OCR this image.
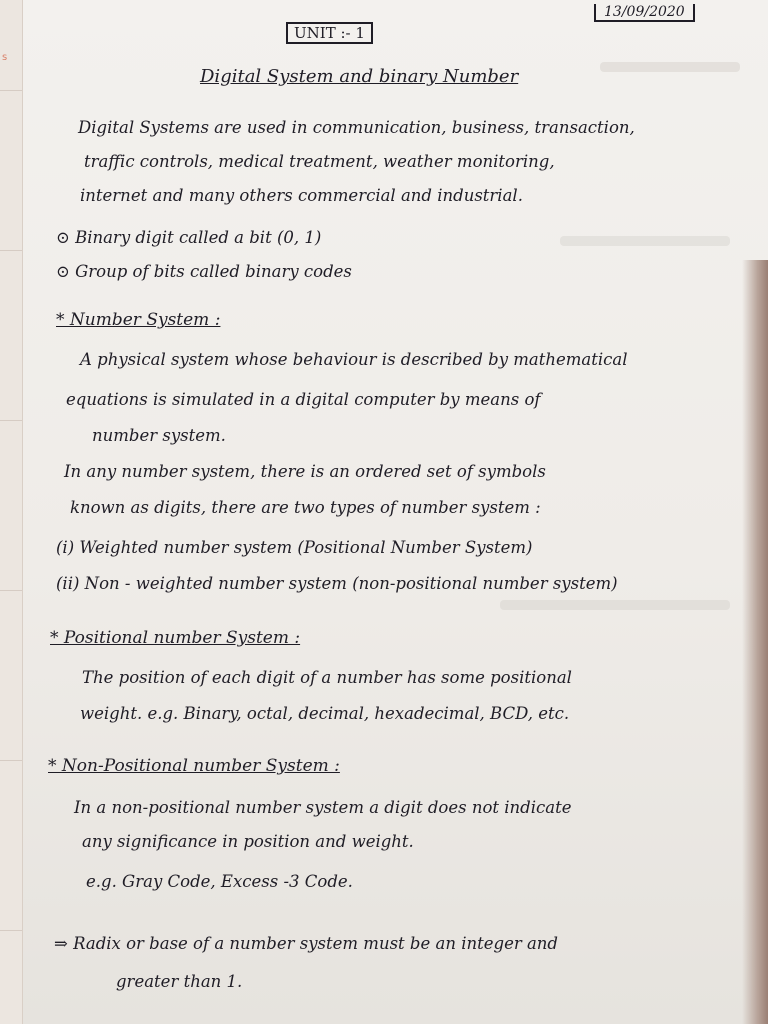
s
13/09/2020
UNIT :- 1
Digital System and binary Number
Digital Systems are used in communication, business, transaction,
traffic controls, medical treatment, weather monitoring,
internet and many others commercial and industrial.
⊙ Binary digit called a bit (0, 1)
⊙ Group of bits called binary codes
* Number System :
A physical system whose behaviour is described by mathematical
equations is simulated in a digital computer by means of
number system.
In any number system, there is an ordered set of symbols
known as digits, there are two types of number system :
(i) Weighted number system (Positional Number System)
(ii) Non - weighted number system (non-positional number system)
* Positional number System :
The position of each digit of a number has some positional
weight. e.g. Binary, octal, decimal, hexadecimal, BCD, etc.
* Non-Positional number System :
In a non-positional number system a digit does not indicate
any significance in position and weight.
e.g. Gray Code, Excess -3 Code.
⇒ Radix or base of a number system must be an integer and
greater than 1.
